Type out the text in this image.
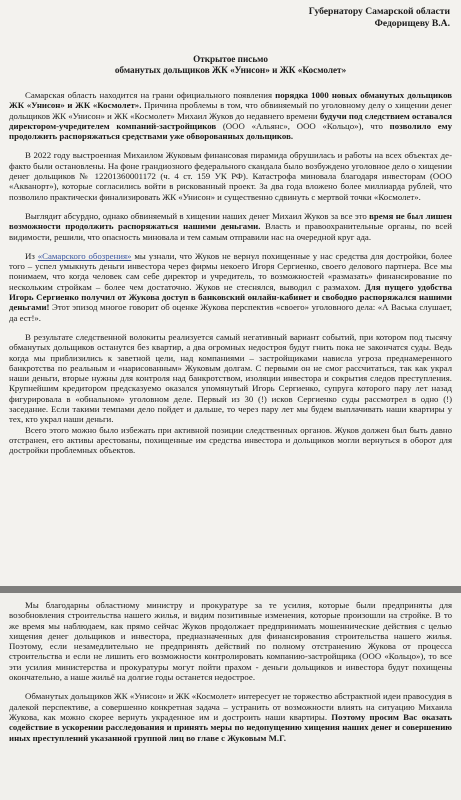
Губернатору Самарской области

Федорищеву В.А.

Открытое письмо

обманутых дольщиков ЖК «Унисон» и ЖК «Космолет»

Самарская область находится на грани официального появления порядка 1000 новых обманутых дольщиков ЖК «Унисон» и ЖК «Космолет». Причина проблемы в том, что обвиняемый по уголовному делу о хищении денег дольщиков ЖК «Унисон» и ЖК «Космолет» Михаил Жуков до недавнего времени будучи под следствием оставался директором-учредителем компаний-застройщиков (ООО «Альянс», ООО «Кольцо»), что позволило ему продолжить распоряжаться средствами уже обворованных дольщиков.

В 2022 году выстроенная Михаилом Жуковым финансовая пирамида обрушилась и работы на всех объектах де-факто были остановлены. На фоне грандиозного федерального скандала было возбуждено уголовное дело о хищении денег дольщиков № 12201360001172 (ч. 4 ст. 159 УК РФ). Катастрофа миновала благодаря инвесторам (ООО «Акванорт»), которые согласились войти в рискованный проект. За два года вложено более миллиарда рублей, что позволило практически финализировать ЖК «Унисон» и существенно сдвинуть с мертвой точки «Космолет».

Выглядит абсурдно, однако обвиняемый в хищении наших денег Михаил Жуков за все это время не был лишен возможности продолжить распоряжаться нашими деньгами. Власть и правоохранительные органы, по всей видимости, решили, что опасность миновала и тем самым отправили нас на очередной круг ада.

Из «Самарского обозрения» мы узнали, что Жуков не вернул похищенные у нас средства для достройки, более того – успел умыкнуть деньги инвестора через фирмы некоего Игоря Сергиенко, своего делового партнера. Все мы понимаем, что когда человек сам себе директор и учредитель, то возможностей «размазать» финансирование по нескольким стройкам – более чем достаточно. Жуков не стеснялся, выводил с размахом. Для пущего удобства Игорь Сергиенко получил от Жукова доступ в банковский онлайн-кабинет и свободно распоряжался нашими деньгами! Этот эпизод многое говорит об оценке Жукова перспектив «своего» уголовного дела: «А Васька слушает, да ест!».

В результате следственной волокиты реализуется самый негативный вариант событий, при котором под тысячу обманутых дольщиков останутся без квартир, а два огромных недостроя будут гнить пока не закончатся суды. Ведь когда мы приблизились к заветной цели, над компаниями – застройщиками нависла угроза преднамеренного банкротства по реальным и «нарисованным» Жуковым долгам. С первыми он не смог рассчитаться, так как украл наши деньги, вторые нужны для контроля над банкротством, изоляции инвестора и сокрытия следов преступления. Крупнейшим кредитором предсказуемо оказался упомянутый Игорь Сергиенко, супруга которого пару лет назад фигурировала в «обнальном» уголовном деле. Первый из 30 (!) исков Сергиенко суды рассмотрел в одно (!) заседание. Если такими темпами дело пойдет и дальше, то через пару лет мы будем выплачивать наши квартиры у тех, кто украл наши деньги.

Всего этого можно было избежать при активной позиции следственных органов. Жуков должен был быть давно отстранен, его активы арестованы, похищенные им средства инвестора и дольщиков могли вернуться в оборот для достройки проблемных объектов.

Мы благодарны областному министру и прокуратуре за те усилия, которые были предприняты для возобновления строительства нашего жилья, и видим позитивные изменения, которые произошли на стройке. В то же время мы наблюдаем, как прямо сейчас Жуков продолжает предпринимать мошеннические действия с целью хищения денег дольщиков и инвестора, предназначенных для финансирования строительства нашего жилья. Поэтому, если незамедлительно не предпринять действий по полному отстранению Жукова от процесса строительства и если не лишить его возможности контролировать компанию-застройщика (ООО «Кольцо»), то все эти усилия министерства и прокуратуры могут пойти прахом - деньги дольщиков и инвестора будут похищены окончательно, а наше жильё на долгие годы останется недострое.

Обманутых дольщиков ЖК «Унисон» и ЖК «Космолет» интересует не торжество абстрактной идеи правосудия в далекой перспективе, а совершенно конкретная задача – устранить от возможности влиять на ситуацию Михаила Жукова, как можно скорее вернуть украденное им и достроить наши квартиры. Поэтому просим Вас оказать содействие в ускорении расследования и принять меры по недопущению хищения наших денег и совершению иных преступлений указанной группой лиц во главе с Жуковым М.Г.
